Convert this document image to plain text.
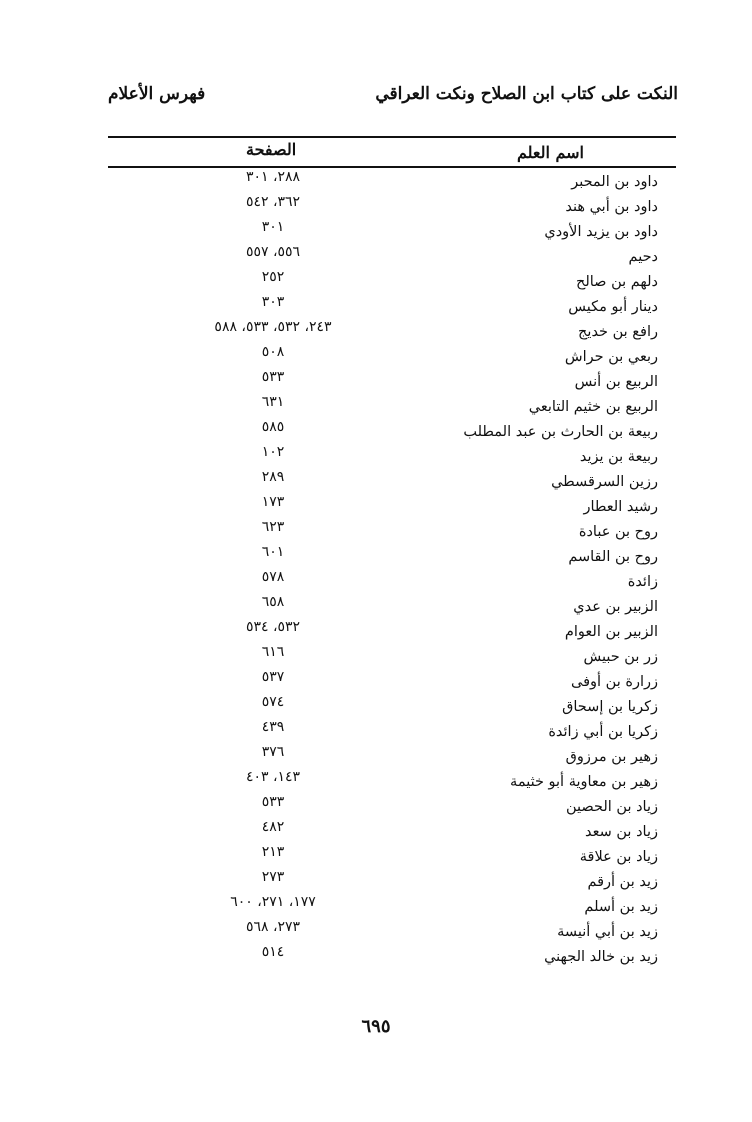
النكت على كتاب ابن الصلاح ونكت العراقي
فهرس الأعلام
اسم العلم
الصفحة
داود بن المحبر
٢٨٨، ٣٠١
داود بن أبي هند
٣٦٢، ٥٤٢
داود بن يزيد الأودي
٣٠١
دحيم
٥٥٦، ٥٥٧
دلهم بن صالح
٢٥٢
دينار أبو مكيس
٣٠٣
رافع بن خديج
٢٤٣، ٥٣٢، ٥٣٣، ٥٨٨
ربعي بن حراش
٥٠٨
الربيع بن أنس
٥٣٣
الربيع بن خثيم التابعي
٦٣١
ربيعة بن الحارث بن عبد المطلب
٥٨٥
ربيعة بن يزيد
١٠٢
رزين السرقسطي
٢٨٩
رشيد العطار
١٧٣
روح بن عبادة
٦٢٣
روح بن القاسم
٦٠١
زائدة
٥٧٨
الزبير بن عدي
٦٥٨
الزبير بن العوام
٥٣٢، ٥٣٤
زر بن حبيش
٦١٦
زرارة بن أوفى
٥٣٧
زكريا بن إسحاق
٥٧٤
زكريا بن أبي زائدة
٤٣٩
زهير بن مرزوق
٣٧٦
زهير بن معاوية أبو خثيمة
١٤٣، ٤٠٣
زياد بن الحصين
٥٣٣
زياد بن سعد
٤٨٢
زياد بن علاقة
٢١٣
زيد بن أرقم
٢٧٣
زيد بن أسلم
١٧٧، ٢٧١، ٦٠٠
زيد بن أبي أنيسة
٢٧٣، ٥٦٨
زيد بن خالد الجهني
٥١٤
٦٩٥
